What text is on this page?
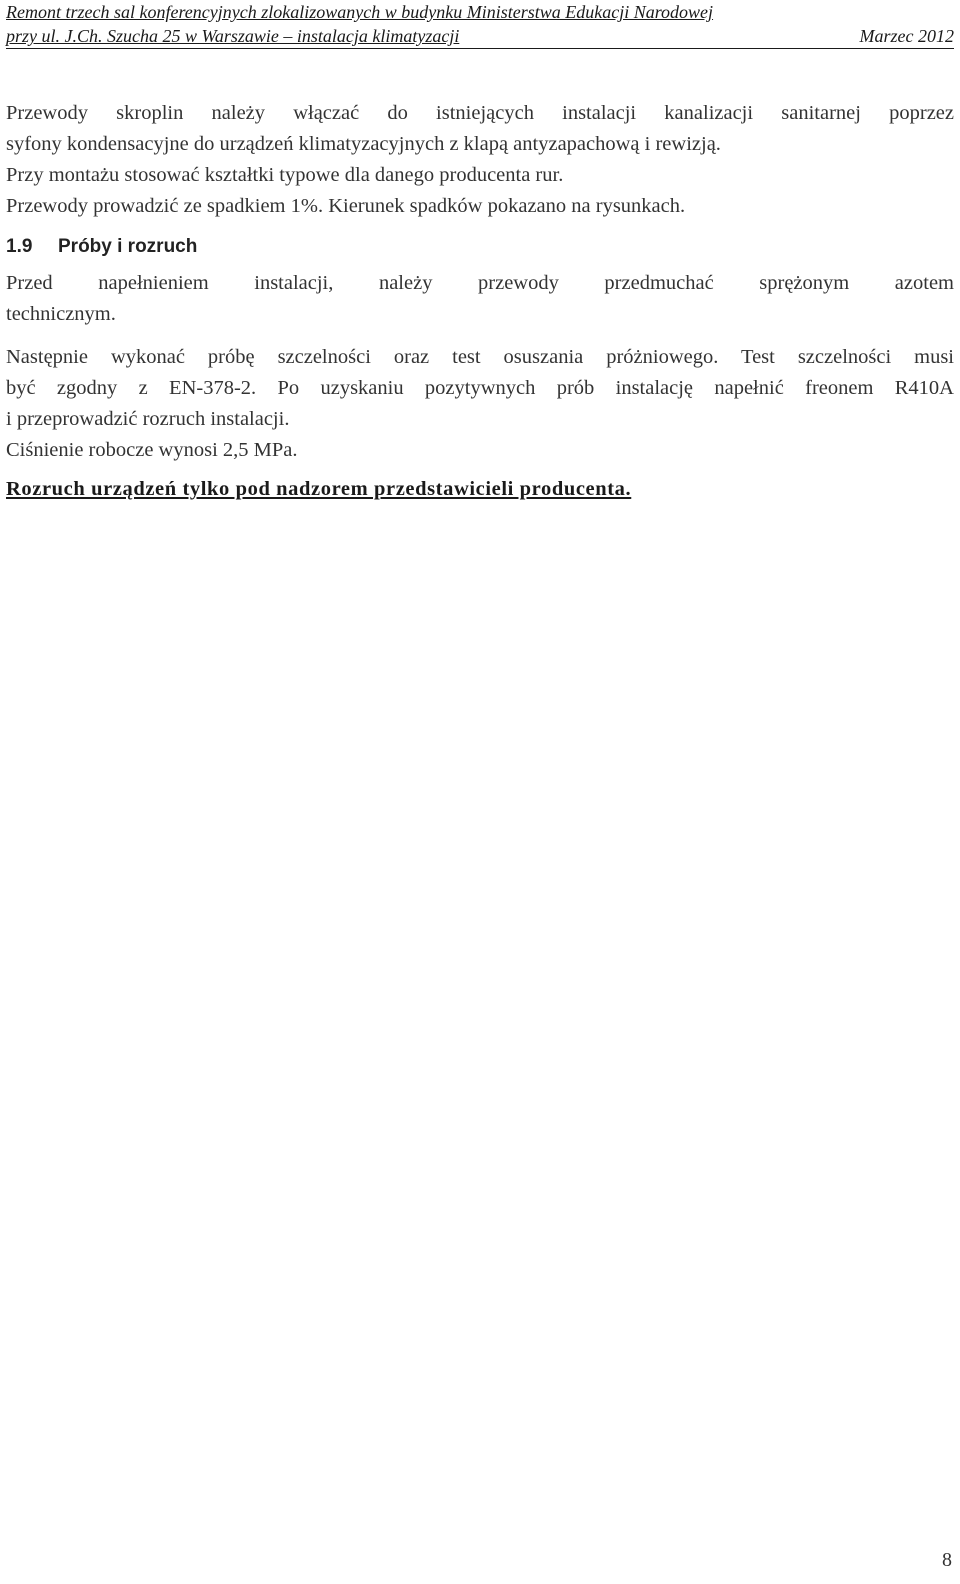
Remont trzech sal konferencyjnych zlokalizowanych w budynku Ministerstwa Edukacji Narodowej
przy ul. J.Ch. Szucha 25 w Warszawie – instalacja klimatyzacji	Marzec 2012

Przewody skroplin należy włączać do istniejących instalacji kanalizacji sanitarnej poprzez

syfony kondensacyjne do urządzeń klimatyzacyjnych z klapą antyzapachową i rewizją.

Przy montażu stosować kształtki typowe dla danego producenta rur.

Przewody prowadzić ze spadkiem 1%. Kierunek spadków pokazano na rysunkach.

1.9 Próby i rozruch

Przed napełnieniem instalacji, należy przewody przedmuchać sprężonym azotem

technicznym.

Następnie wykonać próbę szczelności oraz test osuszania próżniowego. Test szczelności musi

być zgodny z EN-378-2. Po uzyskaniu pozytywnych prób instalację napełnić freonem R410A

i przeprowadzić rozruch instalacji.

Ciśnienie robocze wynosi 2,5 MPa.

Rozruch urządzeń tylko pod nadzorem przedstawicieli producenta.

8
